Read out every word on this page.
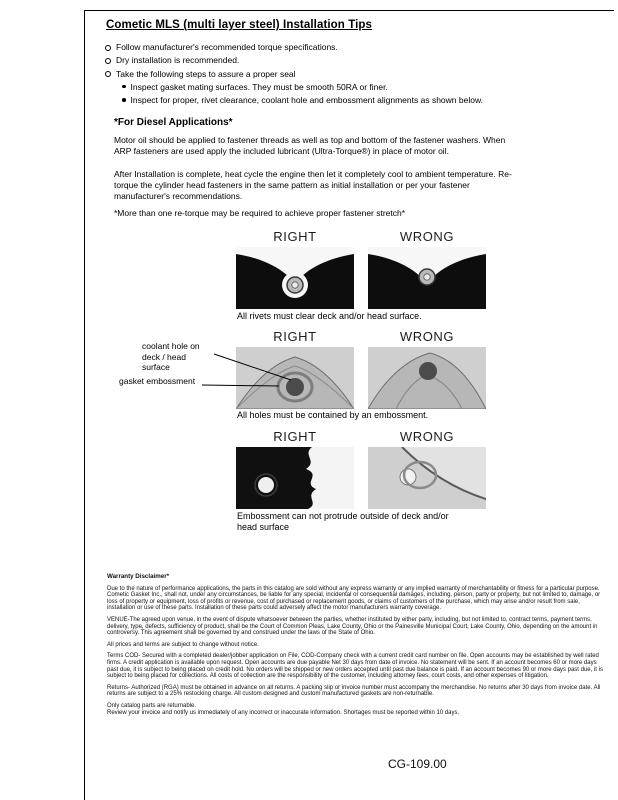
Cometic MLS (multi layer steel) Installation Tips
Follow manufacturer's recommended torque specifications.
Dry installation is recommended.
Take the following steps to assure a proper seal
Inspect gasket mating surfaces. They must be smooth 50RA or finer.
Inspect for proper, rivet clearance, coolant hole and embossment alignments as shown below.
*For Diesel Applications*
Motor oil should be applied to fastener threads as well as top and bottom of the fastener washers. When ARP fasteners are used apply the included lubricant (Ultra-Torque®) in place of motor oil.
After Installation is complete, heat cycle the engine then let it completely cool to ambient temperature. Re-torque the cylinder head fasteners in the same pattern as initial installation or per your fastener manufacturer's recommendations.
*More than one re-torque may be required to achieve proper fastener stretch*
RIGHT	WRONG
All rivets must clear deck and/or head surface.
RIGHT	WRONG
All holes must be contained by an embossment.
coolant hole on deck / head surface
gasket embossment
RIGHT	WRONG
Embossment can not protrude outside of deck and/or head surface
Warranty Disclaimer*

Due to the nature of performance applications, the parts in this catalog are sold without any express warranty or any implied warranty of merchantability or fitness for a particular purpose. Cometic Gasket Inc., shall not, under any circumstances, be liable for any special, incidental or consequential damages, including, person, party or property, but not limited to, damage, or loss of property or equipment, loss of profits or revenue, cost of purchased or replacement goods, or claims of customers of the purchase, which may arise and/or result from sale, installation or use of these parts. Installation of these parts could adversely affect the motor manufacturers warranty coverage.

VENUE-The agreed upon venue, in the event of dispute whatsoever between the parties, whether instituted by either party, including, but not limited to, contract terms, payment terms, delivery, type, defects, sufficiency of product, shall be the Court of Common Pleas, Lake County, Ohio or the Painesville Municipal Court, Lake County, Ohio, depending on the amount in controversy. This agreement shall be governed by and construed under the laws of the State of Ohio.

All prices and terms are subject to change without notice.

Terms COD- Secured with a completed dealer/jobber application on File, COD-Company check with a current credit card number on file. Open accounts may be established by well rated firms. A credit application is available upon request. Open accounts are due payable Net 30 days from date of invoice. No statement will be sent. If an account becomes 60 or more days past due, it is subject to being placed on credit hold. No orders will be shipped or new orders accepted until past due balance is paid. If an account becomes 90 or more days past due, it is subject to being placed for collections. All costs of collection are the responsibility of the customer, including attorney fees, court costs, and other expenses of litigation.

Returns- Authorized (RGA) must be obtained in advance on all returns. A packing slip or invoice number must accompany the merchandise. No returns after 30 days from invoice date. All returns are subject to a 25% restocking charge. All custom designed and custom manufactured gaskets are non-returnable.

Only catalog parts are returnable.

Review your invoice and notify us immediately of any incorrect or inaccurate information. Shortages must be reported within 10 days.

CG-109.00
